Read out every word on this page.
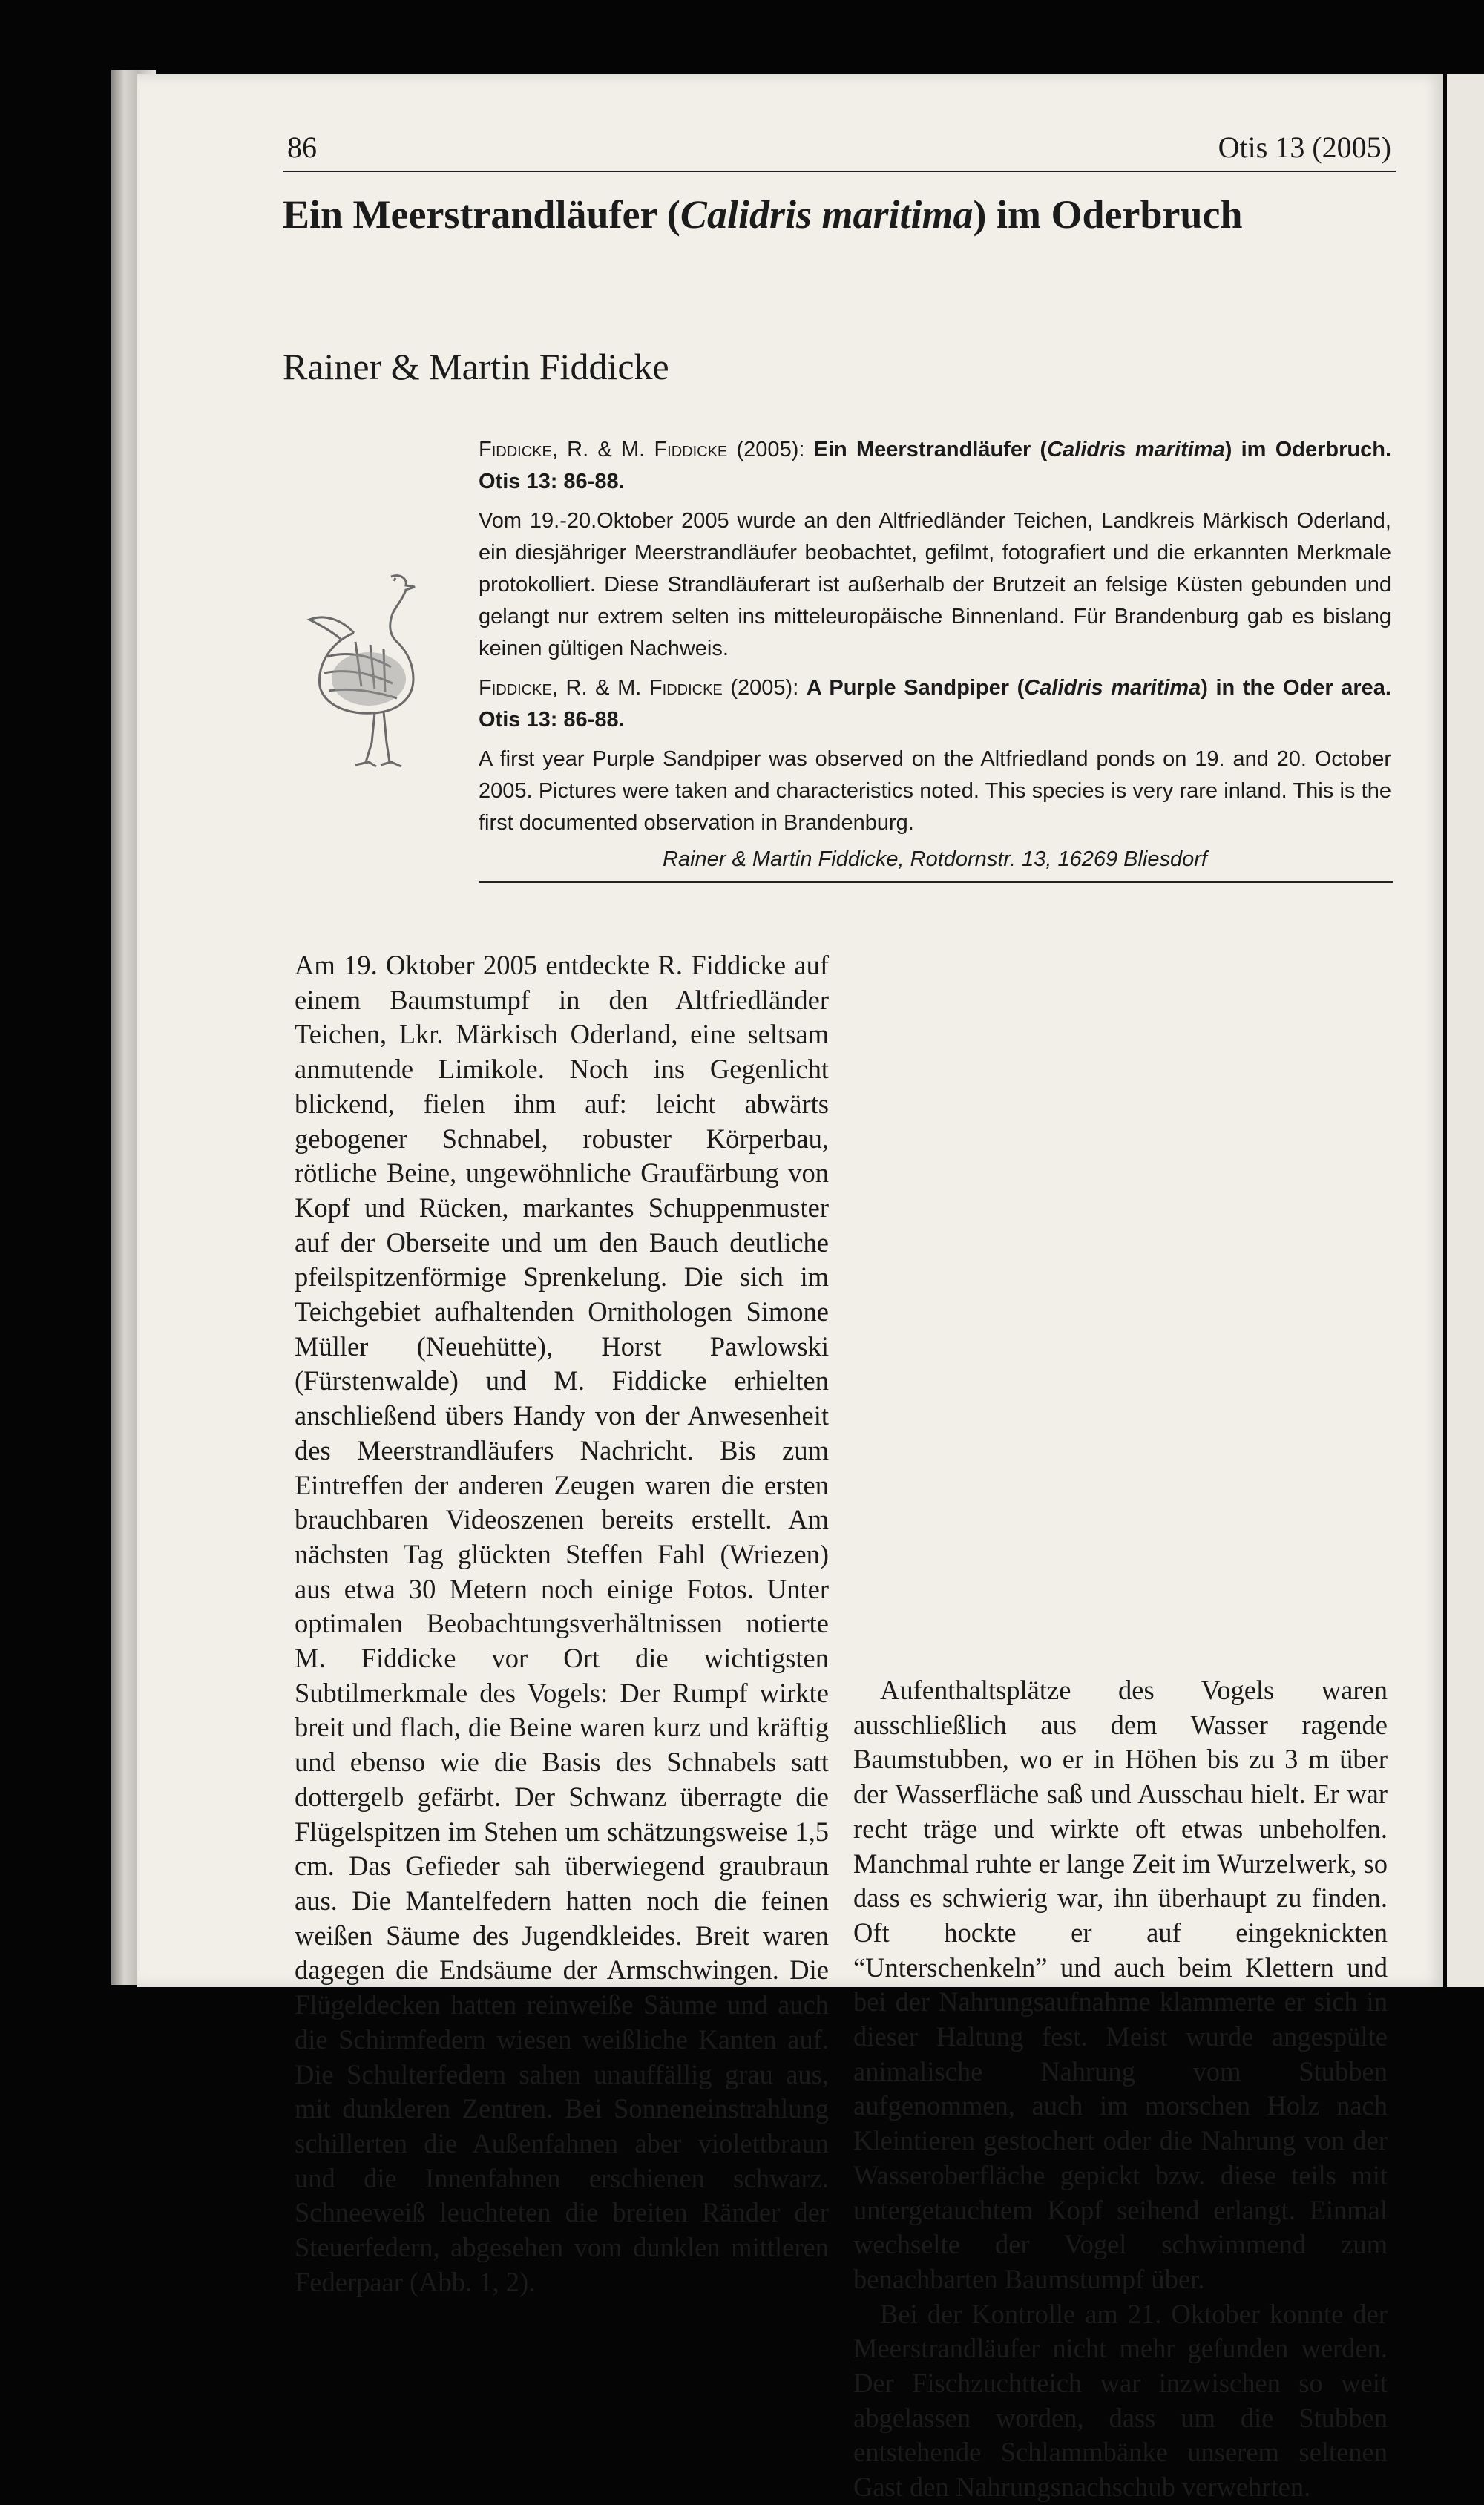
86	Otis 13 (2005)
Ein Meerstrandläufer (Calidris maritima) im Oderbruch
Rainer & Martin Fiddicke

Fiddicke, R. & M. Fiddicke (2005): Ein Meerstrandläufer (Calidris maritima) im Oderbruch. Otis 13: 86-88.

Vom 19.-20.Oktober 2005 wurde an den Altfriedländer Teichen, Landkreis Märkisch Oderland, ein diesjähriger Meerstrandläufer beobachtet, gefilmt, fotografiert und die erkannten Merkmale protokolliert. Diese Strandläuferart ist außerhalb der Brutzeit an felsige Küsten gebunden und gelangt nur extrem selten ins mitteleuropäische Binnenland. Für Brandenburg gab es bislang keinen gültigen Nachweis.

Fiddicke, R. & M. Fiddicke (2005): A Purple Sandpiper (Calidris maritima) in the Oder area. Otis 13: 86-88.

A first year Purple Sandpiper was observed on the Altfriedland ponds on 19. and 20. October 2005. Pictures were taken and characteristics noted. This species is very rare inland. This is the first documented observation in Brandenburg.

Rainer & Martin Fiddicke, Rotdornstr. 13, 16269 Bliesdorf

Am 19. Oktober 2005 entdeckte R. Fiddicke auf einem Baumstumpf in den Altfriedländer Teichen, Lkr. Märkisch Oderland, eine seltsam anmutende Limikole. Noch ins Gegenlicht blickend, fielen ihm auf: leicht abwärts gebogener Schnabel, robuster Körperbau, rötliche Beine, ungewöhnliche Graufärbung von Kopf und Rücken, markantes Schuppenmuster auf der Oberseite und um den Bauch deutliche pfeilspitzenförmige Sprenkelung. Die sich im Teichgebiet aufhaltenden Ornithologen Simone Müller (Neuehütte), Horst Pawlowski (Fürstenwalde) und M. Fiddicke erhielten anschließend übers Handy von der Anwesenheit des Meerstrandläufers Nachricht. Bis zum Eintreffen der anderen Zeugen waren die ersten brauchbaren Videoszenen bereits erstellt. Am nächsten Tag glückten Steffen Fahl (Wriezen) aus etwa 30 Metern noch einige Fotos. Unter optimalen Beobachtungsverhältnissen notierte M. Fiddicke vor Ort die wichtigsten Subtilmerkmale des Vogels: Der Rumpf wirkte breit und flach, die Beine waren kurz und kräftig und ebenso wie die Basis des Schnabels satt dottergelb gefärbt. Der Schwanz überragte die Flügelspitzen im Stehen um schätzungsweise 1,5 cm. Das Gefieder sah überwiegend graubraun aus. Die Mantelfedern hatten noch die feinen weißen Säume des Jugendkleides. Breit waren dagegen die Endsäume der Armschwingen. Die Flügeldecken hatten reinweiße Säume und auch die Schirmfedern wiesen weißliche Kanten auf. Die Schulterfedern sahen unauffällig grau aus, mit dunkleren Zentren. Bei Sonneneinstrahlung schillerten die Außenfahnen aber violettbraun und die Innenfahnen erschienen schwarz. Schneeweiß leuchteten die breiten Ränder der Steuerfedern, abgesehen vom dunklen mittleren Federpaar (Abb. 1, 2).

Aufenthaltsplätze des Vogels waren ausschließlich aus dem Wasser ragende Baumstubben, wo er in Höhen bis zu 3 m über der Wasserfläche saß und Ausschau hielt. Er war recht träge und wirkte oft etwas unbeholfen. Manchmal ruhte er lange Zeit im Wurzelwerk, so dass es schwierig war, ihn überhaupt zu finden. Oft hockte er auf eingeknickten “Unterschenkeln” und auch beim Klettern und bei der Nahrungsaufnahme klammerte er sich in dieser Haltung fest. Meist wurde angespülte animalische Nahrung vom Stubben aufgenommen, auch im morschen Holz nach Kleintieren gestochert oder die Nahrung von der Wasseroberfläche gepickt bzw. diese teils mit untergetauchtem Kopf seihend erlangt. Einmal wechselte der Vogel schwimmend zum benachbarten Baumstumpf über.

Bei der Kontrolle am 21. Oktober konnte der Meerstrandläufer nicht mehr gefunden werden. Der Fischzuchtteich war inzwischen so weit abgelassen worden, dass um die Stubben entstehende Schlammbänke unserem seltenen Gast den Nahrungsnachschub verwehrten.
